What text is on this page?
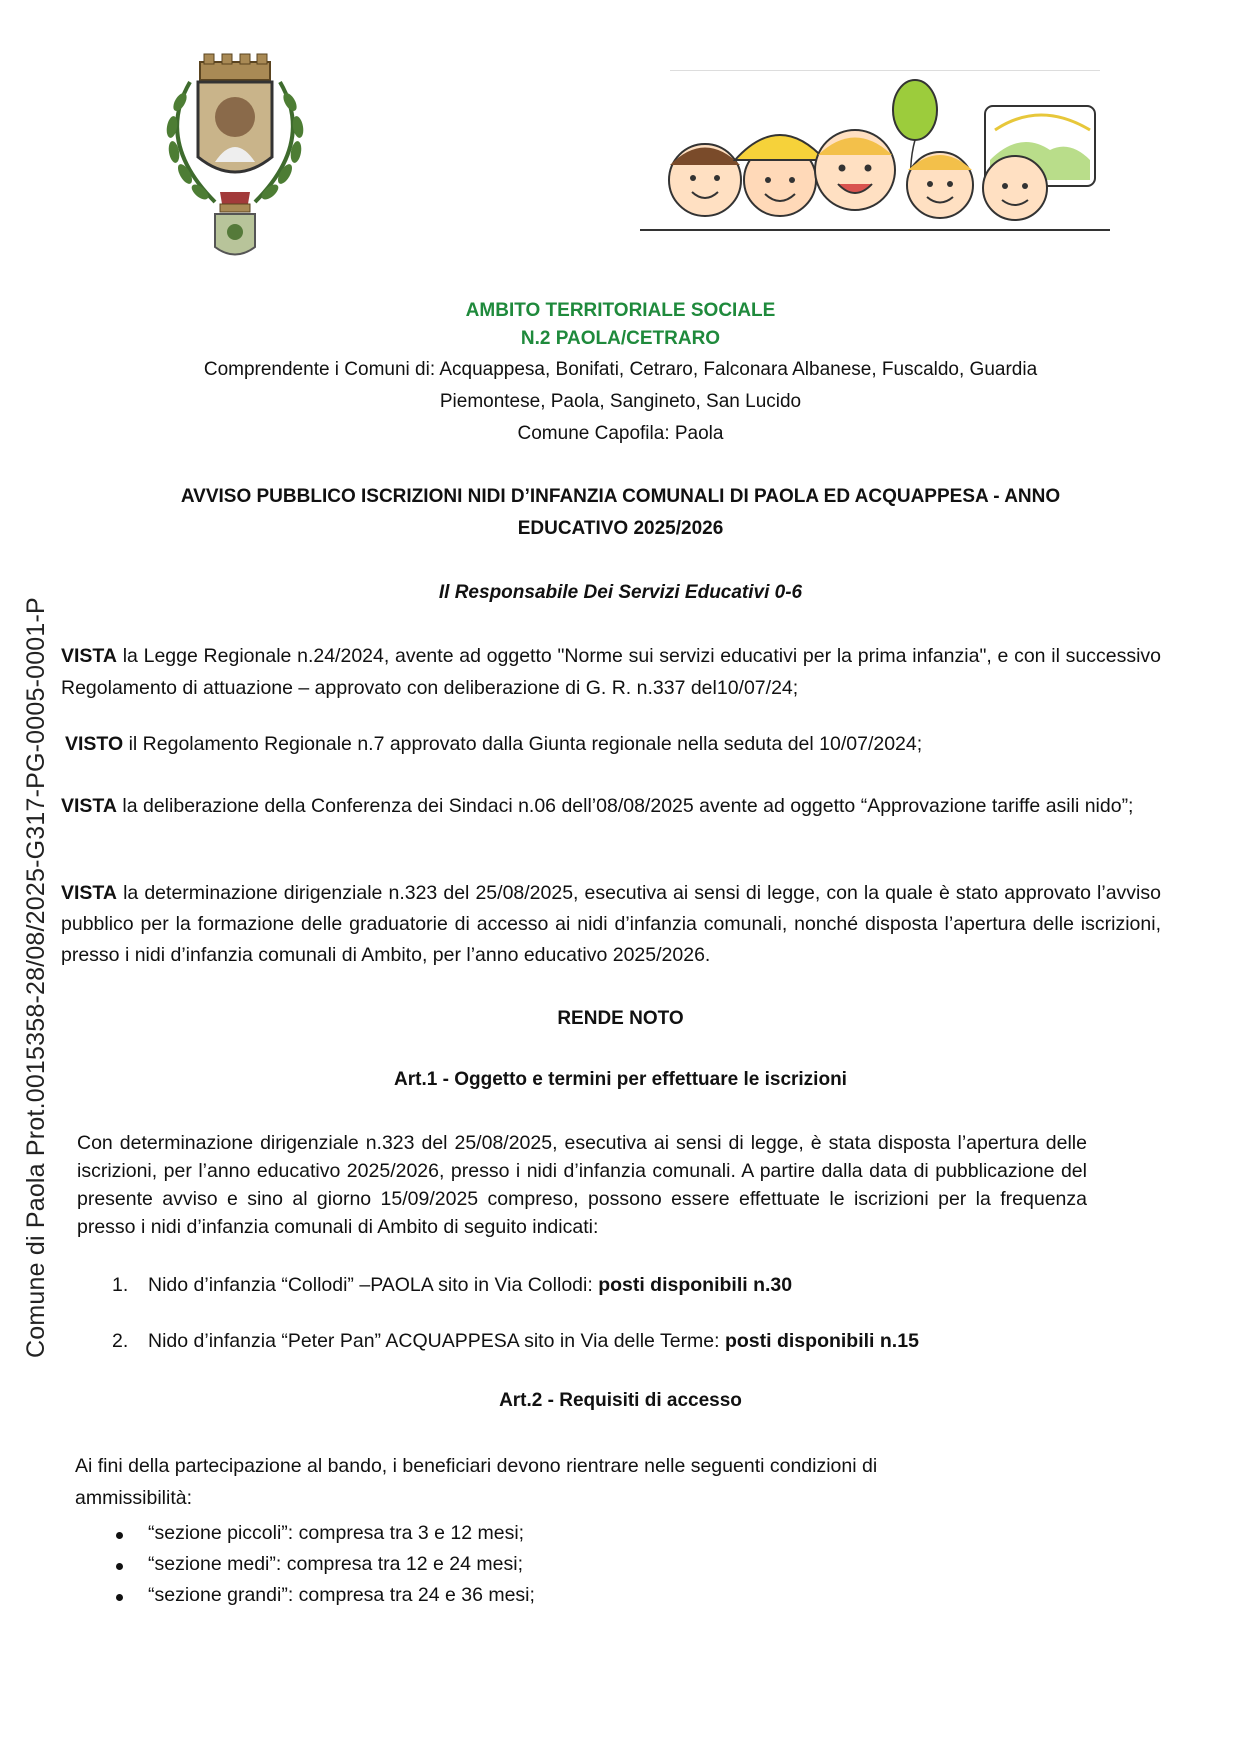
Comune di Paola Prot.0015358-28/08/2025-G317-PG-0005-0001-P
AMBITO TERRITORIALE SOCIALE
N.2 PAOLA/CETRARO
Comprendente i Comuni di: Acquappesa, Bonifati, Cetraro, Falconara Albanese, Fuscaldo, Guardia
Piemontese, Paola, Sangineto, San Lucido
Comune Capofila: Paola
AVVISO PUBBLICO ISCRIZIONI NIDI D’INFANZIA COMUNALI DI PAOLA ED ACQUAPPESA - ANNO
EDUCATIVO 2025/2026
Il Responsabile Dei Servizi Educativi 0-6
VISTA la Legge Regionale n.24/2024, avente ad oggetto "Norme sui servizi educativi per la prima infanzia", e con il successivo Regolamento di attuazione – approvato con deliberazione di G. R. n.337 del10/07/24;
VISTO il Regolamento Regionale n.7 approvato dalla Giunta regionale nella seduta del 10/07/2024;
VISTA la deliberazione della Conferenza dei Sindaci n.06 dell’08/08/2025 avente ad oggetto “Approvazione tariffe asili nido”;
VISTA la determinazione dirigenziale n.323 del 25/08/2025, esecutiva ai sensi di legge, con la quale è stato approvato l’avviso pubblico per la formazione delle graduatorie di accesso ai nidi d’infanzia comunali, nonché disposta l’apertura delle iscrizioni, presso i nidi d’infanzia comunali di Ambito, per l’anno educativo 2025/2026.
RENDE NOTO
Art.1 - Oggetto e termini per effettuare le iscrizioni
Con determinazione dirigenziale n.323 del 25/08/2025, esecutiva ai sensi di legge, è stata disposta l’apertura delle iscrizioni, per l’anno educativo 2025/2026, presso i nidi d’infanzia comunali. A partire dalla data di pubblicazione del presente avviso e sino al giorno 15/09/2025 compreso, possono essere effettuate le iscrizioni per la frequenza presso i nidi d’infanzia comunali di Ambito di seguito indicati:
1. Nido d’infanzia “Collodi” –PAOLA sito in Via Collodi: posti disponibili n.30
2. Nido d’infanzia “Peter Pan” ACQUAPPESA sito in Via delle Terme: posti disponibili n.15
Art.2 - Requisiti di accesso
Ai fini della partecipazione al bando, i beneficiari devono rientrare nelle seguenti condizioni di
ammissibilità:
“sezione piccoli”: compresa tra 3 e 12 mesi;
“sezione medi”: compresa tra 12 e 24 mesi;
“sezione grandi”: compresa tra 24 e 36 mesi;
